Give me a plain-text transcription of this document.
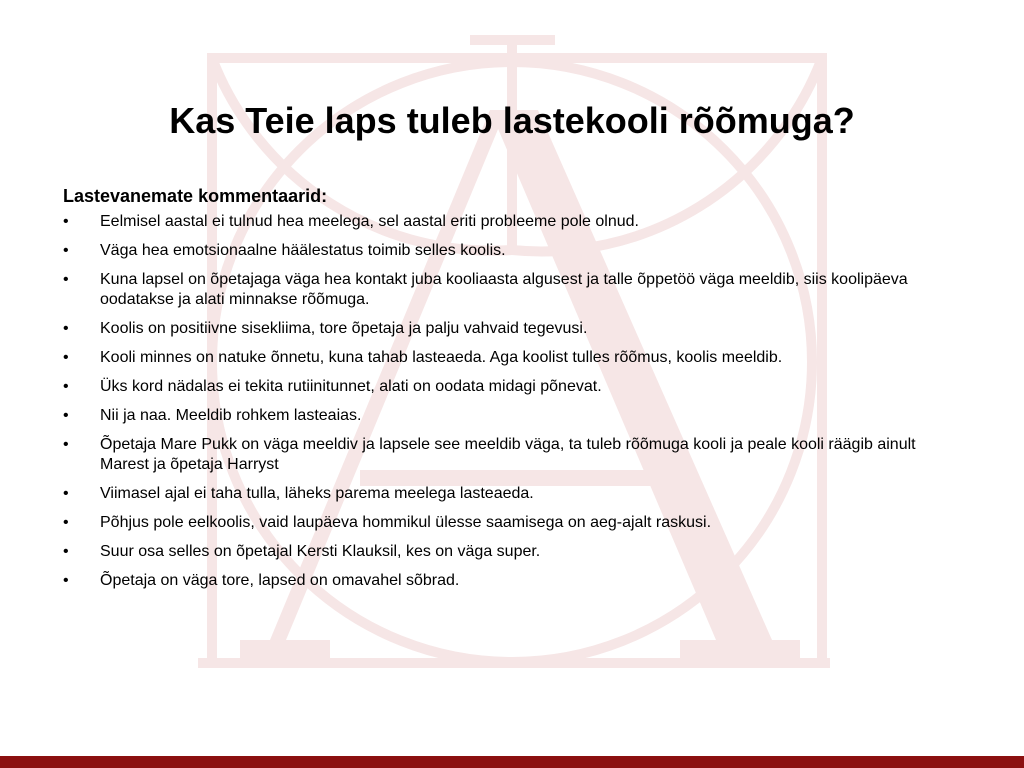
Kas Teie laps tuleb lastekooli rõõmuga?
Lastevanemate kommentaarid:
• Eelmisel aastal ei tulnud hea meelega, sel aastal eriti probleeme pole olnud.
• Väga hea emotsionaalne häälestatus toimib selles koolis.
• Kuna lapsel on õpetajaga väga hea kontakt juba kooliaasta algusest ja talle õppetöö väga meeldib, siis koolipäeva oodatakse ja alati minnakse rõõmuga.
• Koolis on positiivne sisekliima, tore õpetaja ja palju vahvaid tegevusi.
• Kooli minnes on natuke õnnetu, kuna tahab lasteaeda. Aga koolist tulles rõõmus, koolis meeldib.
• Üks kord nädalas ei tekita rutiinitunnet, alati on oodata midagi põnevat.
• Nii ja naa. Meeldib rohkem lasteaias.
• Õpetaja Mare Pukk on väga meeldiv ja lapsele see meeldib väga, ta tuleb rõõmuga kooli ja peale kooli räägib ainult Marest ja õpetaja Harryst
• Viimasel ajal ei taha tulla, läheks parema meelega lasteaeda.
• Põhjus pole eelkoolis, vaid laupäeva hommikul ülesse saamisega on aeg-ajalt raskusi.
• Suur osa selles on õpetajal Kersti Klauksil, kes on väga super.
• Õpetaja on väga tore, lapsed on omavahel sõbrad.
